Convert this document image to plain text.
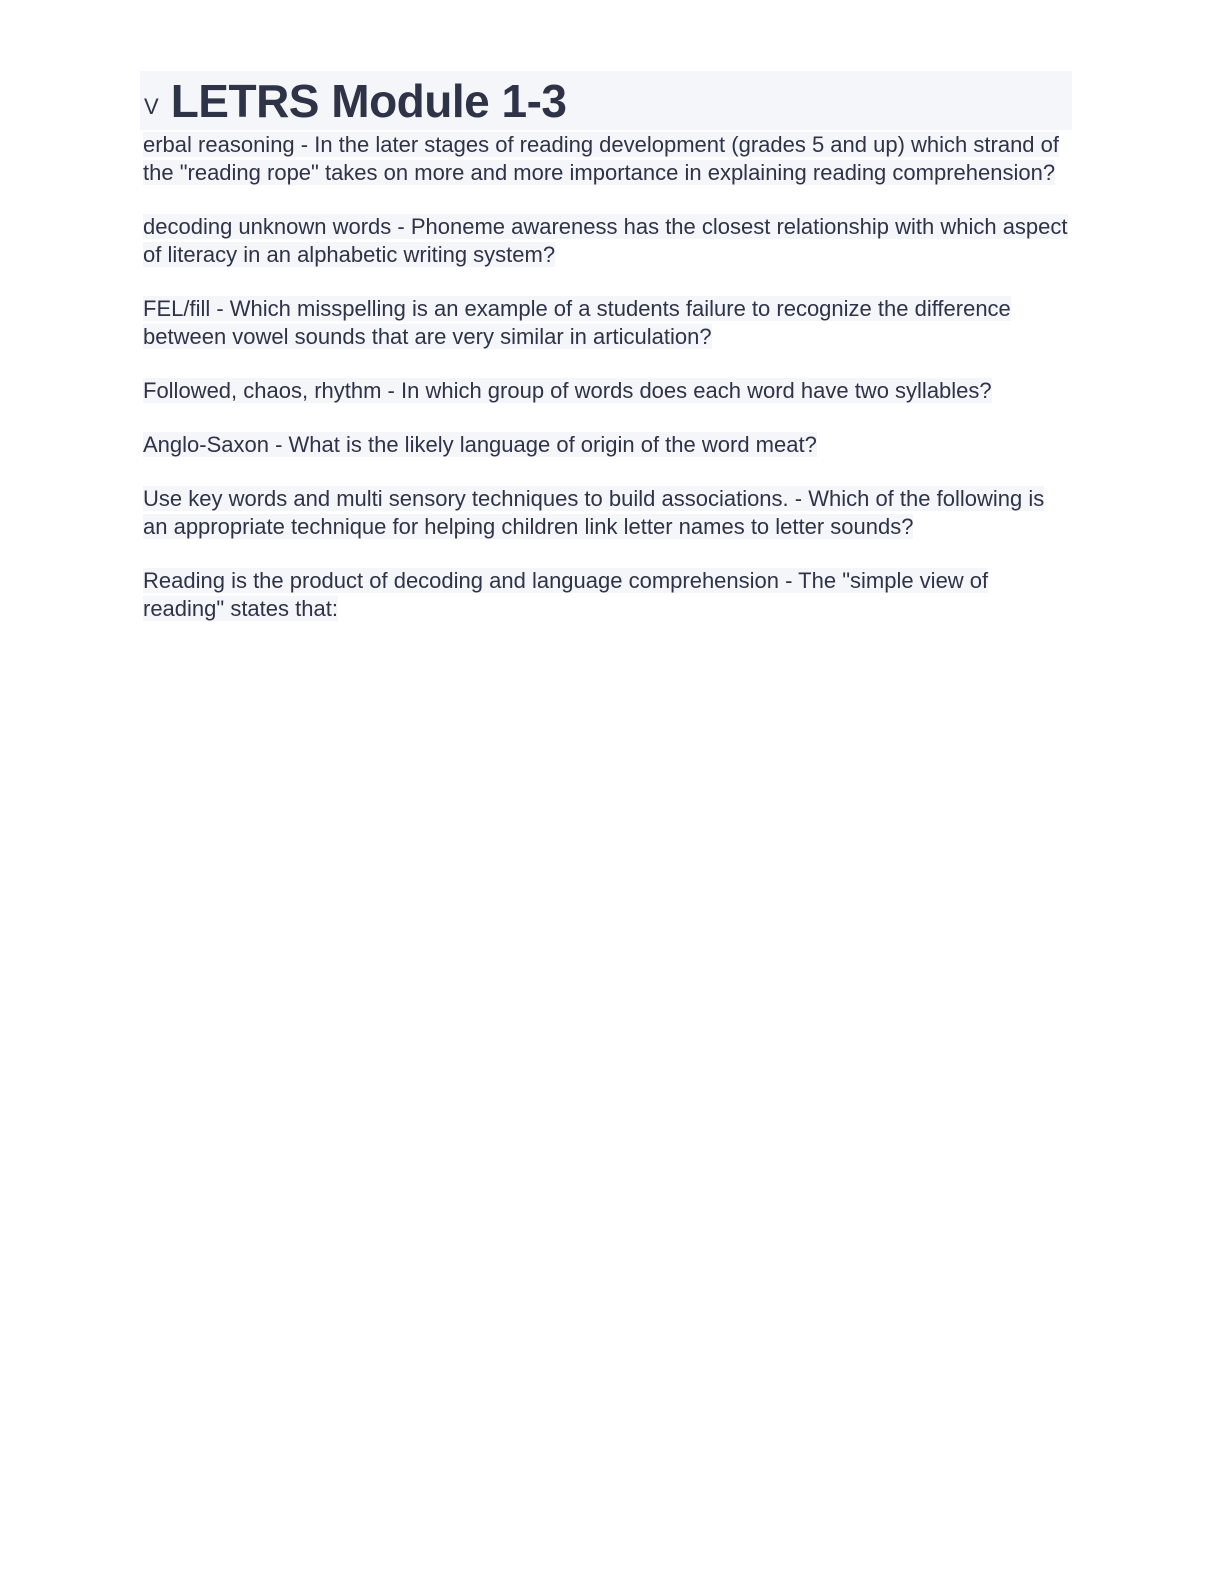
V LETRS Module 1-3

erbal reasoning - In the later stages of reading development (grades 5 and up) which strand of the "reading rope" takes on more and more importance in explaining reading comprehension?

decoding unknown words - Phoneme awareness has the closest relationship with which aspect of literacy in an alphabetic writing system?

FEL/fill - Which misspelling is an example of a students failure to recognize the difference between vowel sounds that are very similar in articulation?

Followed, chaos, rhythm - In which group of words does each word have two syllables?

Anglo-Saxon - What is the likely language of origin of the word meat?

Use key words and multi sensory techniques to build associations. - Which of the following is an appropriate technique for helping children link letter names to letter sounds?

Reading is the product of decoding and language comprehension - The "simple view of reading" states that:
